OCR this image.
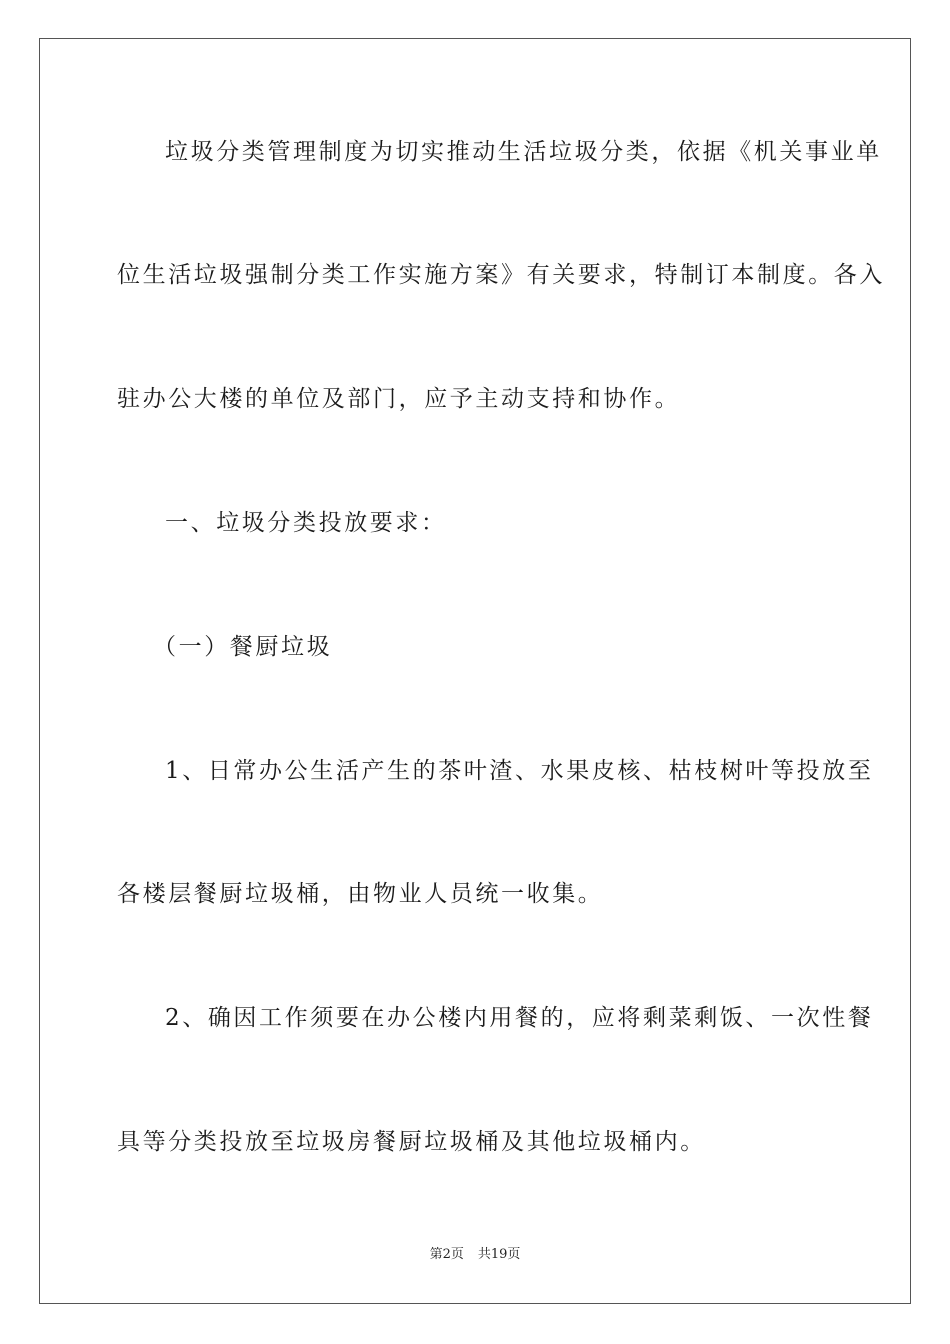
垃圾分类管理制度为切实推动生活垃圾分类，依据《机关事业单
位生活垃圾强制分类工作实施方案》有关要求，特制订本制度。各入
驻办公大楼的单位及部门，应予主动支持和协作。
一、垃圾分类投放要求：
（一）餐厨垃圾
1、日常办公生活产生的茶叶渣、水果皮核、枯枝树叶等投放至
各楼层餐厨垃圾桶，由物业人员统一收集。
2、确因工作须要在办公楼内用餐的，应将剩菜剩饭、一次性餐
具等分类投放至垃圾房餐厨垃圾桶及其他垃圾桶内。
第2页 共19页
